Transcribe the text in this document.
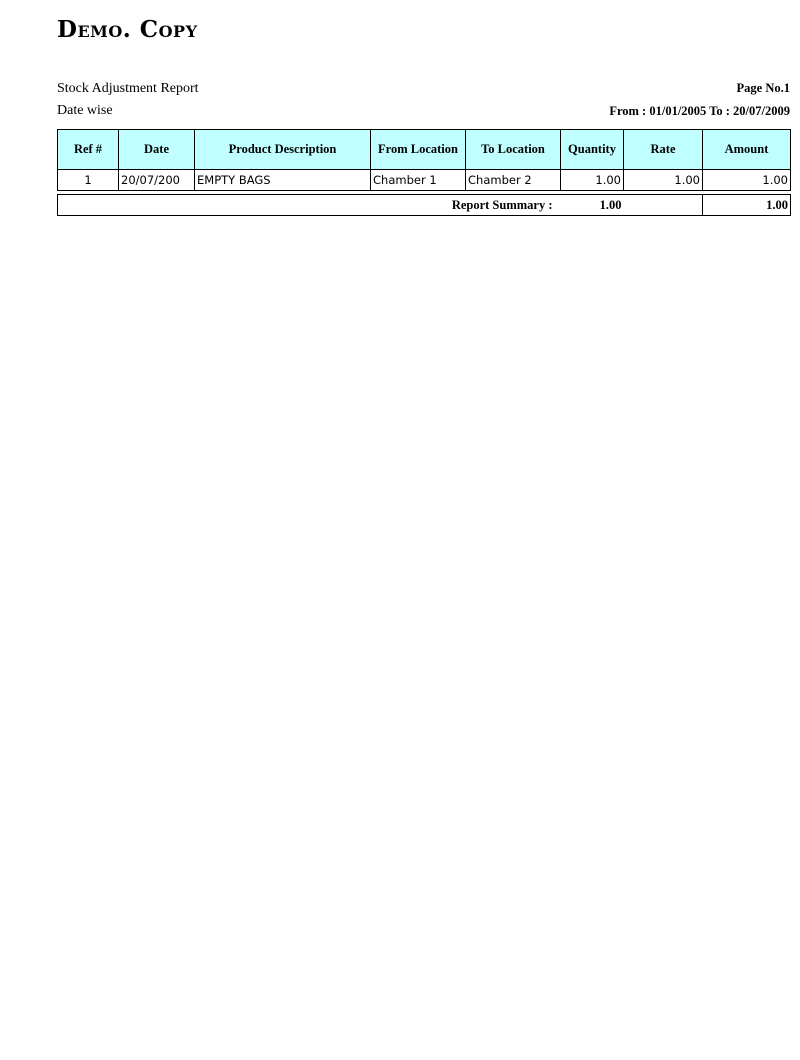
Demo. Copy
Stock Adjustment Report
Date wise
Page No.1
From : 01/01/2005 To : 20/07/2009
Ref #	Date	Product Description	From Location	To Location	Quantity	Rate	Amount
1	20/07/200	EMPTY BAGS	Chamber 1	Chamber 2	1.00	1.00	1.00
Report Summary :	1.00		1.00
